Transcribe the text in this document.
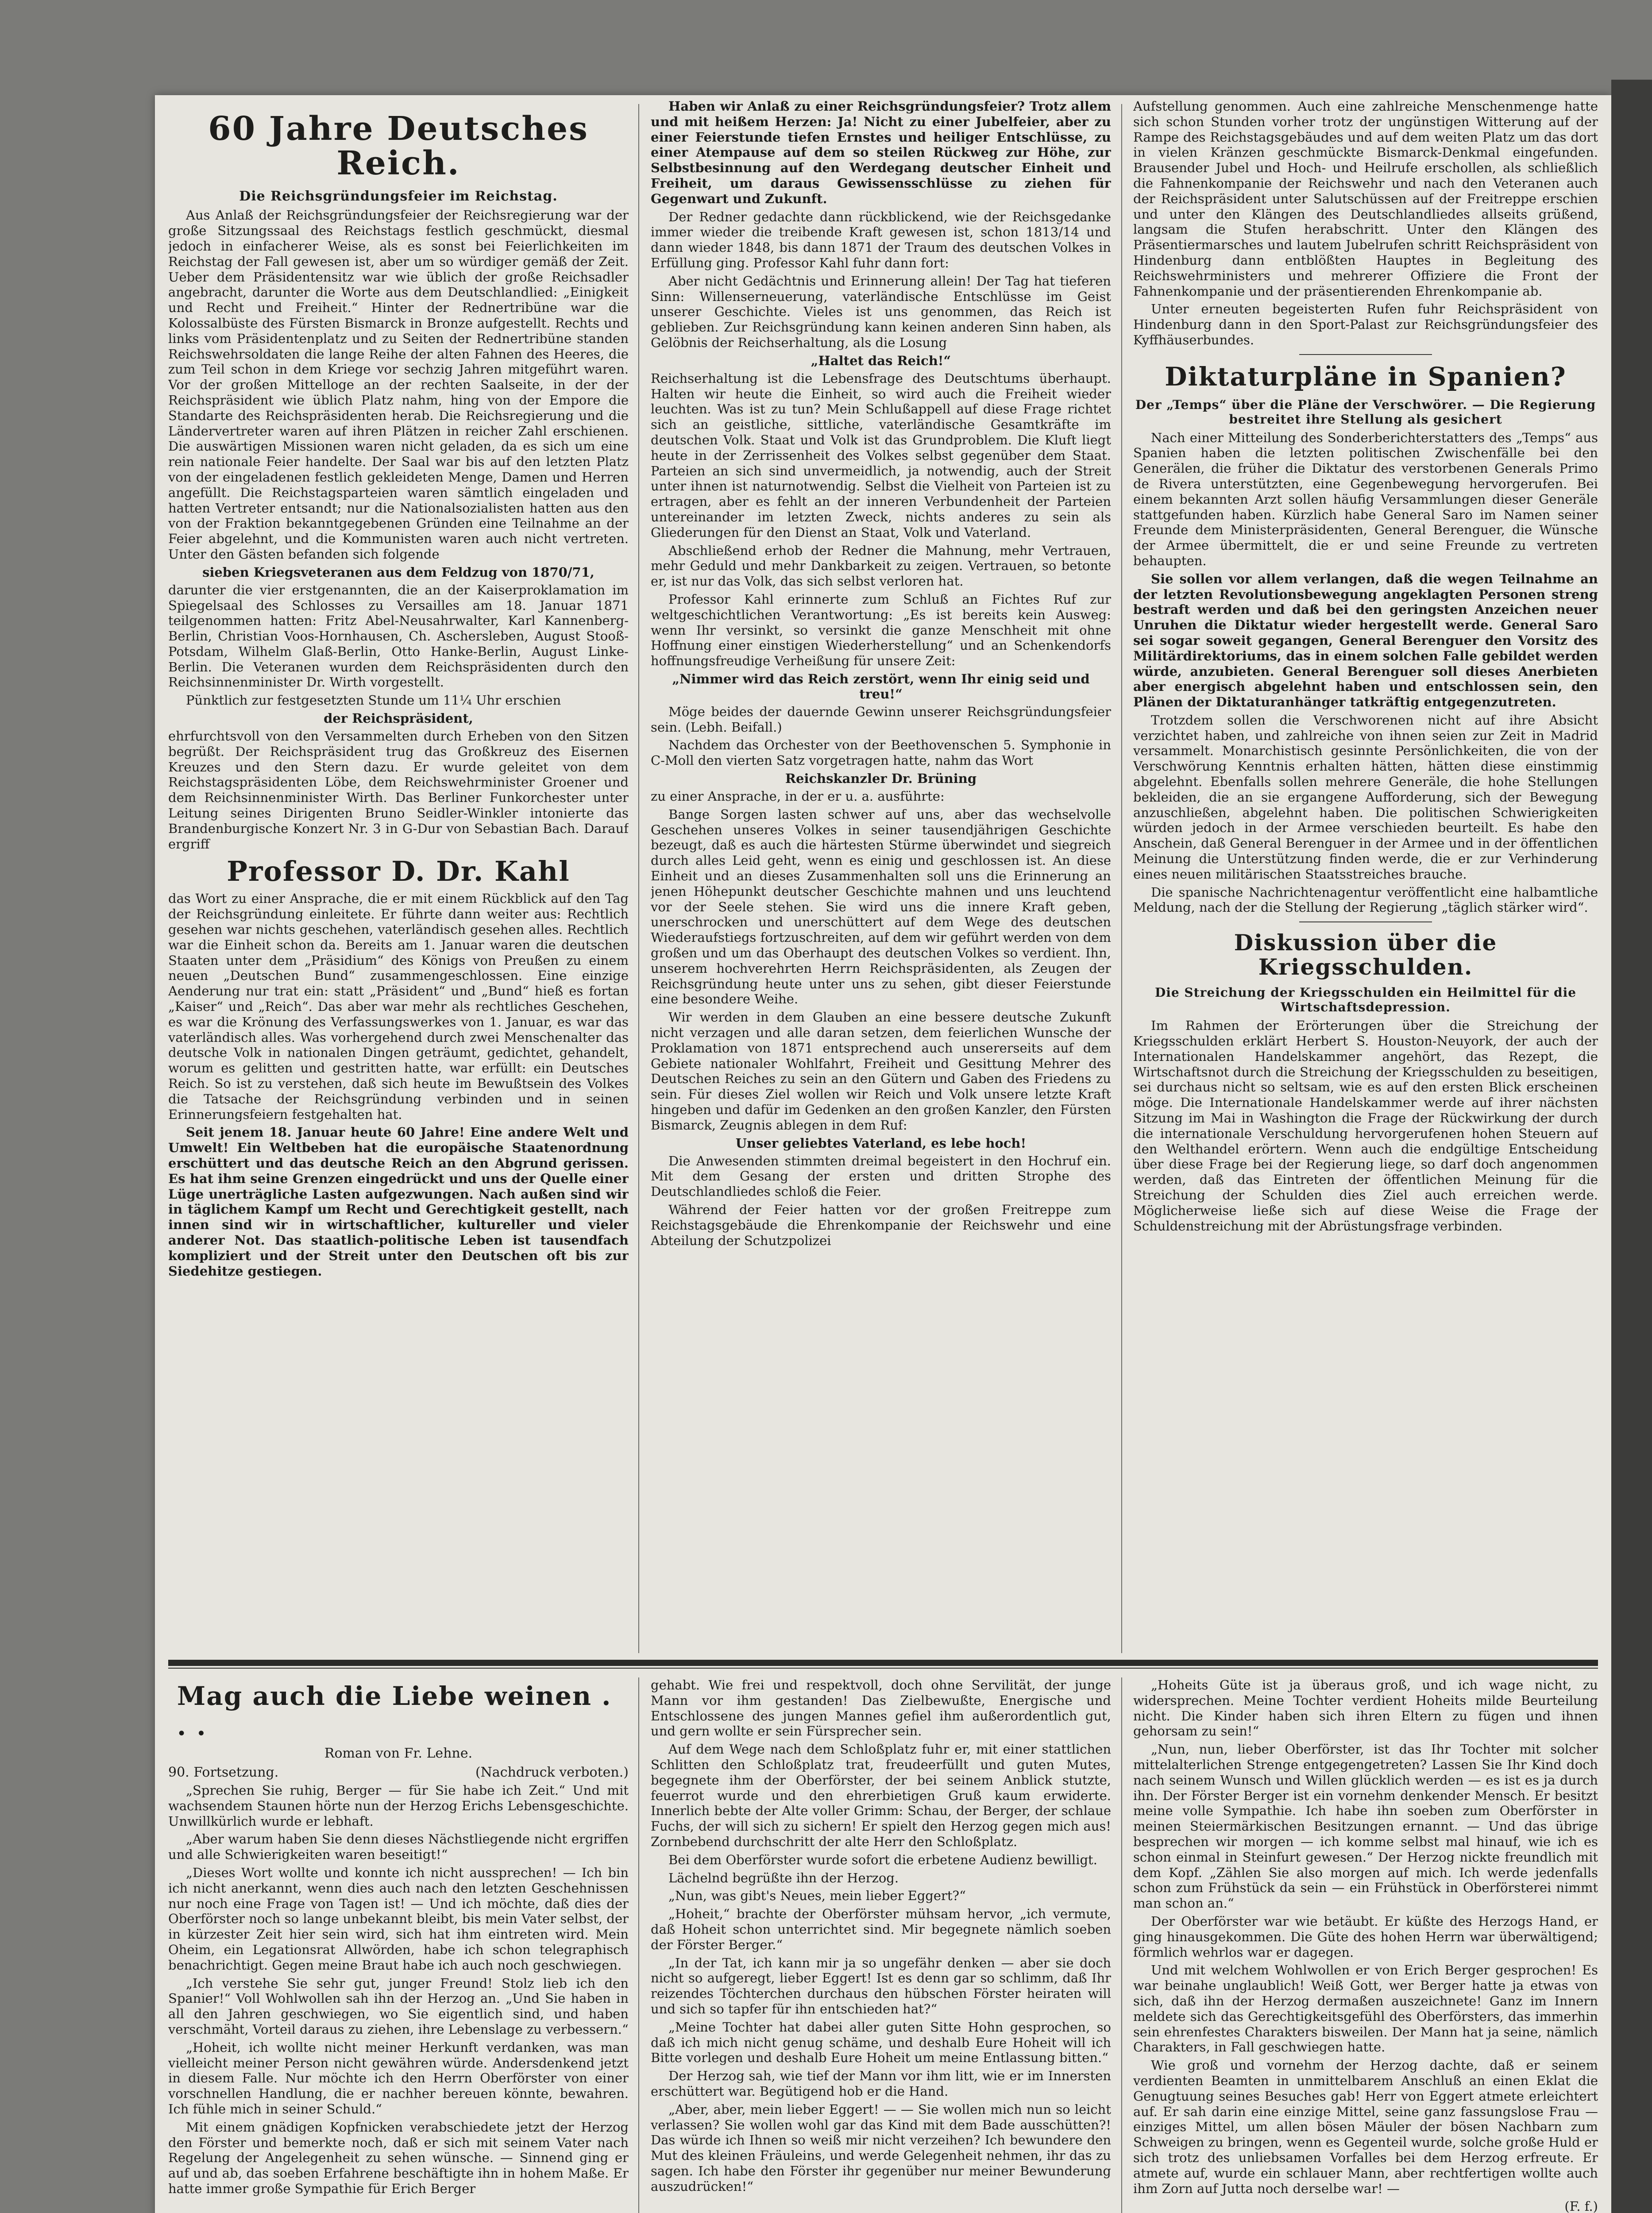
60 Jahre Deutsches Reich.
Die Reichsgründungsfeier im Reichstag.

Aus Anlaß der Reichsgründungsfeier der Reichsregierung war der große Sitzungssaal des Reichstags festlich geschmückt, diesmal jedoch in einfacherer Weise, als es sonst bei Feierlichkeiten im Reichstag der Fall gewesen ist, aber um so würdiger gemäß der Zeit. Ueber dem Präsidentensitz war wie üblich der große Reichsadler angebracht, darunter die Worte aus dem Deutschlandlied: „Einigkeit und Recht und Freiheit.“ Hinter der Rednertribüne war die Kolossalbüste des Fürsten Bismarck in Bronze aufgestellt. Rechts und links vom Präsidentenplatz und zu Seiten der Rednertribüne standen Reichswehrsoldaten die lange Reihe der alten Fahnen des Heeres, die zum Teil schon in dem Kriege vor sechzig Jahren mitgeführt waren. Vor der großen Mittelloge an der rechten Saalseite, in der der Reichspräsident wie üblich Platz nahm, hing von der Empore die Standarte des Reichspräsidenten herab. Die Reichsregierung und die Ländervertreter waren auf ihren Plätzen in reicher Zahl erschienen. Die auswärtigen Missionen waren nicht geladen, da es sich um eine rein nationale Feier handelte. Der Saal war bis auf den letzten Platz von der eingeladenen festlich gekleideten Menge, Damen und Herren angefüllt. Die Reichstagsparteien waren sämtlich eingeladen und hatten Vertreter entsandt; nur die Nationalsozialisten hatten aus den von der Fraktion bekanntgegebenen Gründen eine Teilnahme an der Feier abgelehnt, und die Kommunisten waren auch nicht vertreten. Unter den Gästen befanden sich folgende

sieben Kriegsveteranen aus dem Feldzug von 1870/71,

darunter die vier erstgenannten, die an der Kaiserproklamation im Spiegelsaal des Schlosses zu Versailles am 18. Januar 1871 teilgenommen hatten: Fritz Abel-Neusahrwalter, Karl Kannenberg-Berlin, Christian Voos-Hornhausen, Ch. Aschersleben, August Stooß-Potsdam, Wilhelm Glaß-Berlin, Otto Hanke-Berlin, August Linke-Berlin. Die Veteranen wurden dem Reichspräsidenten durch den Reichsinnenminister Dr. Wirth vorgestellt.

Pünktlich zur festgesetzten Stunde um 11¼ Uhr erschien

der Reichspräsident,

ehrfurchtsvoll von den Versammelten durch Erheben von den Sitzen begrüßt. Der Reichspräsident trug das Großkreuz des Eisernen Kreuzes und den Stern dazu. Er wurde geleitet von dem Reichstagspräsidenten Löbe, dem Reichswehrminister Groener und dem Reichsinnenminister Wirth. Das Berliner Funkorchester unter Leitung seines Dirigenten Bruno Seidler-Winkler intonierte das Brandenburgische Konzert Nr. 3 in G-Dur von Sebastian Bach. Darauf ergriff

Professor D. Dr. Kahl

das Wort zu einer Ansprache, die er mit einem Rückblick auf den Tag der Reichsgründung einleitete. Er führte dann weiter aus: Rechtlich gesehen war nichts geschehen, vaterländisch gesehen alles. Rechtlich war die Einheit schon da. Bereits am 1. Januar waren die deutschen Staaten unter dem „Präsidium“ des Königs von Preußen zu einem neuen „Deutschen Bund“ zusammengeschlossen. Eine einzige Aenderung nur trat ein: statt „Präsident“ und „Bund“ hieß es fortan „Kaiser“ und „Reich“. Das aber war mehr als rechtliches Geschehen, es war die Krönung des Verfassungswerkes von 1. Januar, es war das vaterländisch alles. Was vorhergehend durch zwei Menschenalter das deutsche Volk in nationalen Dingen geträumt, gedichtet, gehandelt, worum es gelitten und gestritten hatte, war erfüllt: ein Deutsches Reich. So ist zu verstehen, daß sich heute im Bewußtsein des Volkes die Tatsache der Reichsgründung verbinden und in seinen Erinnerungsfeiern festgehalten hat.

Seit jenem 18. Januar heute 60 Jahre! Eine andere Welt und Umwelt! Ein Weltbeben hat die europäische Staatenordnung erschüttert und das deutsche Reich an den Abgrund gerissen. Es hat ihm seine Grenzen eingedrückt und uns der Quelle einer Lüge unerträgliche Lasten aufgezwungen. Nach außen sind wir in täglichem Kampf um Recht und Gerechtigkeit gestellt, nach innen sind wir in wirtschaftlicher, kultureller und vieler anderer Not. Das staatlich-politische Leben ist tausendfach kompliziert und der Streit unter den Deutschen oft bis zur Siedehitze gestiegen.

Haben wir Anlaß zu einer Reichsgründungsfeier? Trotz allem und mit heißem Herzen: Ja! Nicht zu einer Jubelfeier, aber zu einer Feierstunde tiefen Ernstes und heiliger Entschlüsse, zu einer Atempause auf dem so steilen Rückweg zur Höhe, zur Selbstbesinnung auf den Werdegang deutscher Einheit und Freiheit, um daraus Gewissensschlüsse zu ziehen für Gegenwart und Zukunft.

Der Redner gedachte dann rückblickend, wie der Reichsgedanke immer wieder die treibende Kraft gewesen ist, schon 1813/14 und dann wieder 1848, bis dann 1871 der Traum des deutschen Volkes in Erfüllung ging. Professor Kahl fuhr dann fort:

Aber nicht Gedächtnis und Erinnerung allein! Der Tag hat tieferen Sinn: Willenserneuerung, vaterländische Entschlüsse im Geist unserer Geschichte. Vieles ist uns genommen, das Reich ist geblieben. Zur Reichsgründung kann keinen anderen Sinn haben, als Gelöbnis der Reichserhaltung, als die Losung

„Haltet das Reich!“

Reichserhaltung ist die Lebensfrage des Deutschtums überhaupt. Halten wir heute die Einheit, so wird auch die Freiheit wieder leuchten. Was ist zu tun? Mein Schlußappell auf diese Frage richtet sich an geistliche, sittliche, vaterländische Gesamtkräfte im deutschen Volk. Staat und Volk ist das Grundproblem. Die Kluft liegt heute in der Zerrissenheit des Volkes selbst gegenüber dem Staat. Parteien an sich sind unvermeidlich, ja notwendig, auch der Streit unter ihnen ist naturnotwendig. Selbst die Vielheit von Parteien ist zu ertragen, aber es fehlt an der inneren Verbundenheit der Parteien untereinander im letzten Zweck, nichts anderes zu sein als Gliederungen für den Dienst an Staat, Volk und Vaterland.

Abschließend erhob der Redner die Mahnung, mehr Vertrauen, mehr Geduld und mehr Dankbarkeit zu zeigen. Vertrauen, so betonte er, ist nur das Volk, das sich selbst verloren hat.

Professor Kahl erinnerte zum Schluß an Fichtes Ruf zur weltgeschichtlichen Verantwortung: „Es ist bereits kein Ausweg: wenn Ihr versinkt, so versinkt die ganze Menschheit mit ohne Hoffnung einer einstigen Wiederherstellung“ und an Schenkendorfs hoffnungsfreudige Verheißung für unsere Zeit:

„Nimmer wird das Reich zerstört, wenn Ihr einig seid und treu!“

Möge beides der dauernde Gewinn unserer Reichsgründungsfeier sein. (Lebh. Beifall.)

Nachdem das Orchester von der Beethovenschen 5. Symphonie in C-Moll den vierten Satz vorgetragen hatte, nahm das Wort

Reichskanzler Dr. Brüning

zu einer Ansprache, in der er u. a. ausführte:

Bange Sorgen lasten schwer auf uns, aber das wechselvolle Geschehen unseres Volkes in seiner tausendjährigen Geschichte bezeugt, daß es auch die härtesten Stürme überwindet und siegreich durch alles Leid geht, wenn es einig und geschlossen ist. An diese Einheit und an dieses Zusammenhalten soll uns die Erinnerung an jenen Höhepunkt deutscher Geschichte mahnen und uns leuchtend vor der Seele stehen. Sie wird uns die innere Kraft geben, unerschrocken und unerschüttert auf dem Wege des deutschen Wiederaufstiegs fortzuschreiten, auf dem wir geführt werden von dem großen und um das Oberhaupt des deutschen Volkes so verdient. Ihn, unserem hochverehrten Herrn Reichspräsidenten, als Zeugen der Reichsgründung heute unter uns zu sehen, gibt dieser Feierstunde eine besondere Weihe.

Wir werden in dem Glauben an eine bessere deutsche Zukunft nicht verzagen und alle daran setzen, dem feierlichen Wunsche der Proklamation von 1871 entsprechend auch unsererseits auf dem Gebiete nationaler Wohlfahrt, Freiheit und Gesittung Mehrer des Deutschen Reiches zu sein an den Gütern und Gaben des Friedens zu sein. Für dieses Ziel wollen wir Reich und Volk unsere letzte Kraft hingeben und dafür im Gedenken an den großen Kanzler, den Fürsten Bismarck, Zeugnis ablegen in dem Ruf:

Unser geliebtes Vaterland, es lebe hoch!

Die Anwesenden stimmten dreimal begeistert in den Hochruf ein. Mit dem Gesang der ersten und dritten Strophe des Deutschlandliedes schloß die Feier.

Während der Feier hatten vor der großen Freitreppe zum Reichstagsgebäude die Ehrenkompanie der Reichswehr und eine Abteilung der Schutzpolizei

Aufstellung genommen. Auch eine zahlreiche Menschenmenge hatte sich schon Stunden vorher trotz der ungünstigen Witterung auf der Rampe des Reichstagsgebäudes und auf dem weiten Platz um das dort in vielen Kränzen geschmückte Bismarck-Denkmal eingefunden. Brausender Jubel und Hoch- und Heilrufe erschollen, als schließlich die Fahnenkompanie der Reichswehr und nach den Veteranen auch der Reichspräsident unter Salutschüssen auf der Freitreppe erschien und unter den Klängen des Deutschlandliedes allseits grüßend, langsam die Stufen herabschritt. Unter den Klängen des Präsentiermarsches und lautem Jubelrufen schritt Reichspräsident von Hindenburg dann entblößten Hauptes in Begleitung des Reichswehrministers und mehrerer Offiziere die Front der Fahnenkompanie und der präsentierenden Ehrenkompanie ab.

Unter erneuten begeisterten Rufen fuhr Reichspräsident von Hindenburg dann in den Sport-Palast zur Reichsgründungsfeier des Kyffhäuserbundes.

Diktaturpläne in Spanien?
Der „Temps“ über die Pläne der Verschwörer. — Die Regierung bestreitet ihre Stellung als gesichert

Nach einer Mitteilung des Sonderberichterstatters des „Temps“ aus Spanien haben die letzten politischen Zwischenfälle bei den Generälen, die früher die Diktatur des verstorbenen Generals Primo de Rivera unterstützten, eine Gegenbewegung hervorgerufen. Bei einem bekannten Arzt sollen häufig Versammlungen dieser Generäle stattgefunden haben. Kürzlich habe General Saro im Namen seiner Freunde dem Ministerpräsidenten, General Berenguer, die Wünsche der Armee übermittelt, die er und seine Freunde zu vertreten behaupten.

Sie sollen vor allem verlangen, daß die wegen Teilnahme an der letzten Revolutionsbewegung angeklagten Personen streng bestraft werden und daß bei den geringsten Anzeichen neuer Unruhen die Diktatur wieder hergestellt werde. General Saro sei sogar soweit gegangen, General Berenguer den Vorsitz des Militärdirektoriums, das in einem solchen Falle gebildet werden würde, anzubieten. General Berenguer soll dieses Anerbieten aber energisch abgelehnt haben und entschlossen sein, den Plänen der Diktaturanhänger tatkräftig entgegenzutreten.

Trotzdem sollen die Verschworenen nicht auf ihre Absicht verzichtet haben, und zahlreiche von ihnen seien zur Zeit in Madrid versammelt. Monarchistisch gesinnte Persönlichkeiten, die von der Verschwörung Kenntnis erhalten hätten, hätten diese einstimmig abgelehnt. Ebenfalls sollen mehrere Generäle, die hohe Stellungen bekleiden, die an sie ergangene Aufforderung, sich der Bewegung anzuschließen, abgelehnt haben. Die politischen Schwierigkeiten würden jedoch in der Armee verschieden beurteilt. Es habe den Anschein, daß General Berenguer in der Armee und in der öffentlichen Meinung die Unterstützung finden werde, die er zur Verhinderung eines neuen militärischen Staatsstreiches brauche.

Die spanische Nachrichtenagentur veröffentlicht eine halbamtliche Meldung, nach der die Stellung der Regierung „täglich stärker wird“.

Diskussion über die Kriegsschulden.
Die Streichung der Kriegsschulden ein Heilmittel für die Wirtschaftsdepression.

Im Rahmen der Erörterungen über die Streichung der Kriegsschulden erklärt Herbert S. Houston-Neuyork, der auch der Internationalen Handelskammer angehört, das Rezept, die Wirtschaftsnot durch die Streichung der Kriegsschulden zu beseitigen, sei durchaus nicht so seltsam, wie es auf den ersten Blick erscheinen möge. Die Internationale Handelskammer werde auf ihrer nächsten Sitzung im Mai in Washington die Frage der Rückwirkung der durch die internationale Verschuldung hervorgerufenen hohen Steuern auf den Welthandel erörtern. Wenn auch die endgültige Entscheidung über diese Frage bei der Regierung liege, so darf doch angenommen werden, daß das Eintreten der öffentlichen Meinung für die Streichung der Schulden dies Ziel auch erreichen werde. Möglicherweise ließe sich auf diese Weise die Frage der Schuldenstreichung mit der Abrüstungsfrage verbinden.

Mag auch die Liebe weinen . . .
Roman von Fr. Lehne.
90. Fortsetzung.	(Nachdruck verboten.)

„Sprechen Sie ruhig, Berger — für Sie habe ich Zeit.“ Und mit wachsendem Staunen hörte nun der Herzog Erichs Lebensgeschichte. Unwillkürlich wurde er lebhaft.

„Aber warum haben Sie denn dieses Nächstliegende nicht ergriffen und alle Schwierigkeiten waren beseitigt!“

„Dieses Wort wollte und konnte ich nicht aussprechen! — Ich bin ich nicht anerkannt, wenn dies auch nach den letzten Geschehnissen nur noch eine Frage von Tagen ist! — Und ich möchte, daß dies der Oberförster noch so lange unbekannt bleibt, bis mein Vater selbst, der in kürzester Zeit hier sein wird, sich hat ihm eintreten wird. Mein Oheim, ein Legationsrat Allwörden, habe ich schon telegraphisch benachrichtigt. Gegen meine Braut habe ich auch noch geschwiegen.

„Ich verstehe Sie sehr gut, junger Freund! Stolz lieb ich den Spanier!“ Voll Wohlwollen sah ihn der Herzog an. „Und Sie haben in all den Jahren geschwiegen, wo Sie eigentlich sind, und haben verschmäht, Vorteil daraus zu ziehen, ihre Lebenslage zu verbessern.“

„Hoheit, ich wollte nicht meiner Herkunft verdanken, was man vielleicht meiner Person nicht gewähren würde. Andersdenkend jetzt in diesem Falle. Nur möchte ich den Herrn Oberförster von einer vorschnellen Handlung, die er nachher bereuen könnte, bewahren. Ich fühle mich in seiner Schuld.“

Mit einem gnädigen Kopfnicken verabschiedete jetzt der Herzog den Förster und bemerkte noch, daß er sich mit seinem Vater nach Regelung der Angelegenheit zu sehen wünsche. — Sinnend ging er auf und ab, das soeben Erfahrene beschäftigte ihn in hohem Maße. Er hatte immer große Sympathie für Erich Berger

gehabt. Wie frei und respektvoll, doch ohne Servilität, der junge Mann vor ihm gestanden! Das Zielbewußte, Energische und Entschlossene des jungen Mannes gefiel ihm außerordentlich gut, und gern wollte er sein Fürsprecher sein.

Auf dem Wege nach dem Schloßplatz fuhr er, mit einer stattlichen Schlitten den Schloßplatz trat, freudeerfüllt und guten Mutes, begegnete ihm der Oberförster, der bei seinem Anblick stutzte, feuerrot wurde und den ehrerbietigen Gruß kaum erwiderte. Innerlich bebte der Alte voller Grimm: Schau, der Berger, der schlaue Fuchs, der will sich zu sichern! Er spielt den Herzog gegen mich aus! Zornbebend durchschritt der alte Herr den Schloßplatz.

Bei dem Oberförster wurde sofort die erbetene Audienz bewilligt.

Lächelnd begrüßte ihn der Herzog.

„Nun, was gibt's Neues, mein lieber Eggert?“

„Hoheit,“ brachte der Oberförster mühsam hervor, „ich vermute, daß Hoheit schon unterrichtet sind. Mir begegnete nämlich soeben der Förster Berger.“

„In der Tat, ich kann mir ja so ungefähr denken — aber sie doch nicht so aufgeregt, lieber Eggert! Ist es denn gar so schlimm, daß Ihr reizendes Töchterchen durchaus den hübschen Förster heiraten will und sich so tapfer für ihn entschieden hat?“

„Meine Tochter hat dabei aller guten Sitte Hohn gesprochen, so daß ich mich nicht genug schäme, und deshalb Eure Hoheit will ich Bitte vorlegen und deshalb Eure Hoheit um meine Entlassung bitten.“

Der Herzog sah, wie tief der Mann vor ihm litt, wie er im Innersten erschüttert war. Begütigend hob er die Hand.

„Aber, aber, mein lieber Eggert! — — Sie wollen mich nun so leicht verlassen? Sie wollen wohl gar das Kind mit dem Bade ausschütten?! Das würde ich Ihnen so weiß mir nicht verzeihen? Ich bewundere den Mut des kleinen Fräuleins, und werde Gelegenheit nehmen, ihr das zu sagen. Ich habe den Förster ihr gegenüber nur meiner Bewunderung auszudrücken!“

„Hoheits Güte ist ja überaus groß, und ich wage nicht, zu widersprechen. Meine Tochter verdient Hoheits milde Beurteilung nicht. Die Kinder haben sich ihren Eltern zu fügen und ihnen gehorsam zu sein!“

„Nun, nun, lieber Oberförster, ist das Ihr Tochter mit solcher mittelalterlichen Strenge entgegengetreten? Lassen Sie Ihr Kind doch nach seinem Wunsch und Willen glücklich werden — es ist es ja durch ihn. Der Förster Berger ist ein vornehm denkender Mensch. Er besitzt meine volle Sympathie. Ich habe ihn soeben zum Oberförster in meinen Steiermärkischen Besitzungen ernannt. — Und das übrige besprechen wir morgen — ich komme selbst mal hinauf, wie ich es schon einmal in Steinfurt gewesen.“ Der Herzog nickte freundlich mit dem Kopf. „Zählen Sie also morgen auf mich. Ich werde jedenfalls schon zum Frühstück da sein — ein Frühstück in Oberförsterei nimmt man schon an.“

Der Oberförster war wie betäubt. Er küßte des Herzogs Hand, er ging hinausgekommen. Die Güte des hohen Herrn war überwältigend; förmlich wehrlos war er dagegen.

Und mit welchem Wohlwollen er von Erich Berger gesprochen! Es war beinahe unglaublich! Weiß Gott, wer Berger hatte ja etwas von sich, daß ihn der Herzog dermaßen auszeichnete! Ganz im Innern meldete sich das Gerechtigkeitsgefühl des Oberförsters, das immerhin sein ehrenfestes Charakters bisweilen. Der Mann hat ja seine, nämlich Charakters, in Fall geschwiegen hatte.

Wie groß und vornehm der Herzog dachte, daß er seinem verdienten Beamten in unmittelbarem Anschluß an einen Eklat die Genugtuung seines Besuches gab! Herr von Eggert atmete erleichtert auf. Er sah darin eine einzige Mittel, seine ganz fassungslose Frau — einziges Mittel, um allen bösen Mäuler der bösen Nachbarn zum Schweigen zu bringen, wenn es Gegenteil wurde, solche große Huld er sich trotz des unliebsamen Vorfalles bei dem Herzog erfreute. Er atmete auf, wurde ein schlauer Mann, aber rechtfertigen wollte auch ihm Zorn auf Jutta noch derselbe war! —

(F. f.)
